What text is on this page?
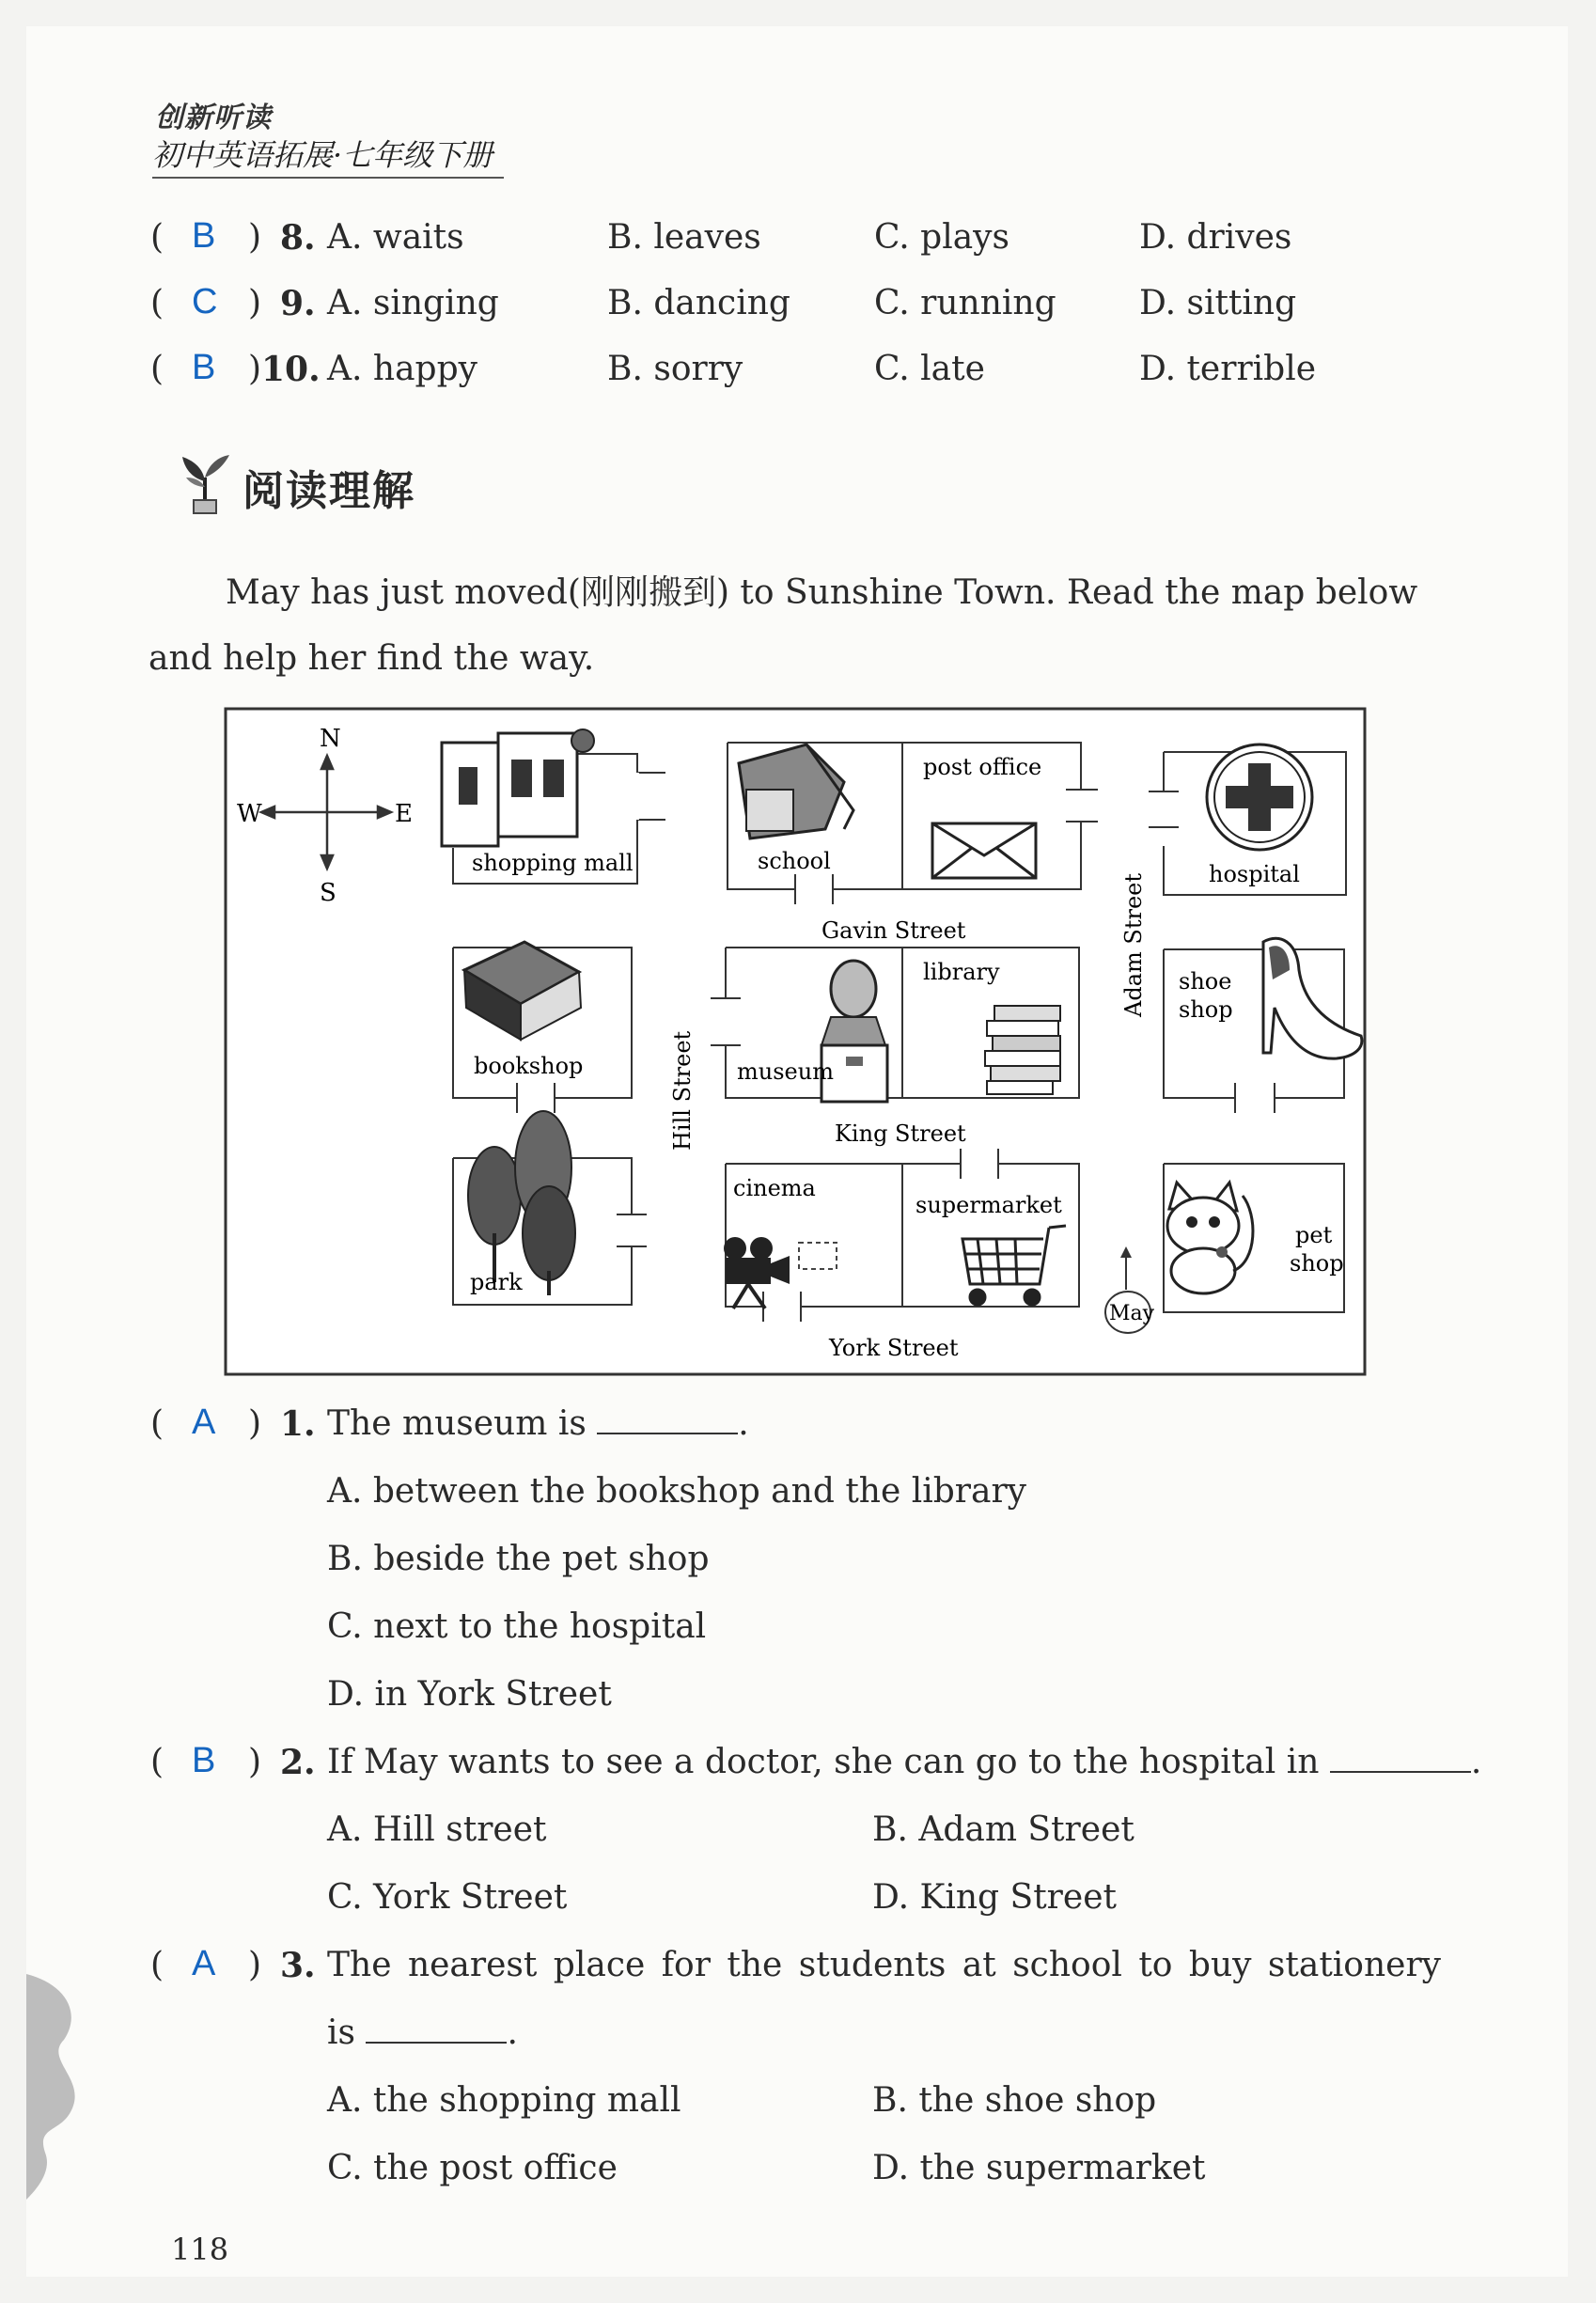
创新听读
初中英语拓展·七年级下册
( B ) 8. A. waits	B. leaves	C. plays	D. drives
( C ) 9. A. singing	B. dancing C. running D. sitting
( B ) 10. A. happy	B. sorry	C. late	D. terrible
阅读理解
May has just moved(刚刚搬到) to Sunshine Town. Read the map below
and help her find the way.
N
S
W	E
shopping mall	school
post office
hospital
Gavin Street
King Street
York Street
Hill Street
Adam Street
bookshop	museum
library	shoe
shop
park
cinema
supermarket
pet
shop
May
( A ) 1. The museum is	.
A. between the bookshop and the library
B. beside the pet shop
C. next to the hospital
D. in York Street
( B ) 2. If May wants to see a doctor, she can go to the hospital in	.
A. Hill street	B. Adam Street
C. York Street	D. King Street
( A ) 3. The nearest place for the students at school to buy stationery
is	.
A. the shopping mall	B. the shoe shop
C. the post office	D. the supermarket
118
